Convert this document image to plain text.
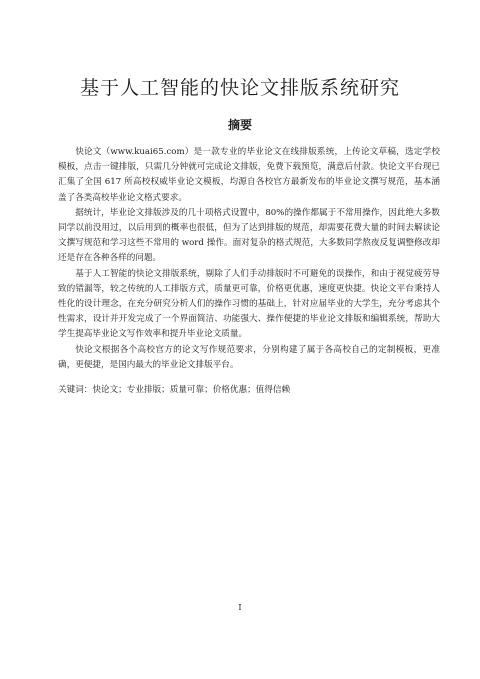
基于人工智能的快论文排版系统研究
摘要

快论文（www.kuai65.com）是一款专业的毕业论文在线排版系统，上传论文草稿，选定学校模板，点击一键排版，只需几分钟就可完成论文排版，免费下载预览，满意后付款。快论文平台现已汇集了全国 617 所高校权威毕业论文模板，均源自各校官方最新发布的毕业论文撰写规范，基本涵盖了各类高校毕业论文格式要求。

据统计，毕业论文排版涉及的几十项格式设置中，80%的操作都属于不常用操作，因此绝大多数同学以前没用过，以后用到的概率也很低，但为了达到排版的规范，却需要花费大量的时间去解读论文撰写规范和学习这些不常用的 word 操作。面对复杂的格式规范，大多数同学熬夜反复调整修改却还是存在各种各样的问题。

基于人工智能的快论文排版系统，剔除了人们手动排版时不可避免的误操作，和由于视觉疲劳导致的错漏等，较之传统的人工排版方式，质量更可靠，价格更优惠，速度更快捷。快论文平台秉持人性化的设计理念，在充分研究分析人们的操作习惯的基础上，针对应届毕业的大学生，充分考虑其个性需求，设计并开发完成了一个界面简洁、功能强大、操作便捷的毕业论文排版和编辑系统，帮助大学生提高毕业论文写作效率和提升毕业论文质量。

快论文根据各个高校官方的论文写作规范要求，分别构建了属于各高校自己的定制模板，更准确，更便捷，是国内最大的毕业论文排版平台。

关键词：快论文；专业排版；质量可靠；价格优惠；值得信赖
I
